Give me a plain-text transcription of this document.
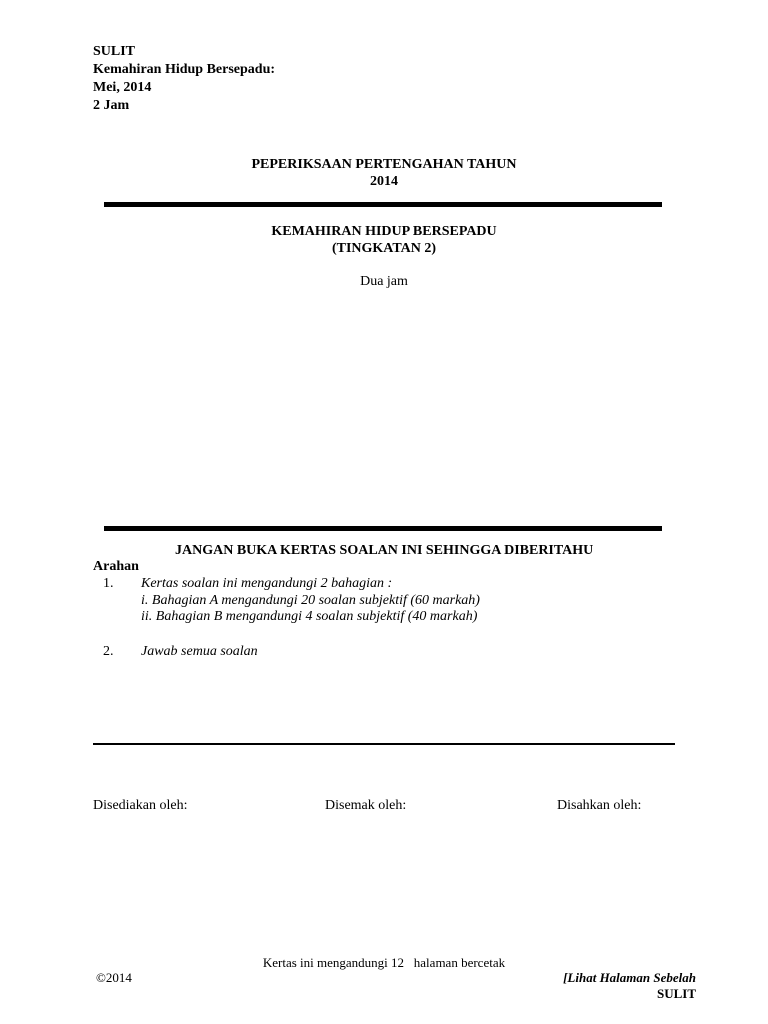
SULIT
Kemahiran Hidup Bersepadu:
Mei, 2014
2 Jam
PEPERIKSAAN PERTENGAHAN TAHUN
2014
KEMAHIRAN HIDUP BERSEPADU
(TINGKATAN 2)
Dua jam
JANGAN BUKA KERTAS SOALAN INI SEHINGGA DIBERITAHU
Arahan
1. Kertas soalan ini mengandungi 2 bahagian :
i. Bahagian A mengandungi 20 soalan subjektif (60 markah)
ii. Bahagian B mengandungi 4 soalan subjektif (40 markah)
2. Jawab semua soalan
Disediakan oleh:	Disemak oleh:	Disahkan oleh:
Kertas ini mengandungi 12   halaman bercetak
©2014	[Lihat Halaman Sebelah
SULIT
